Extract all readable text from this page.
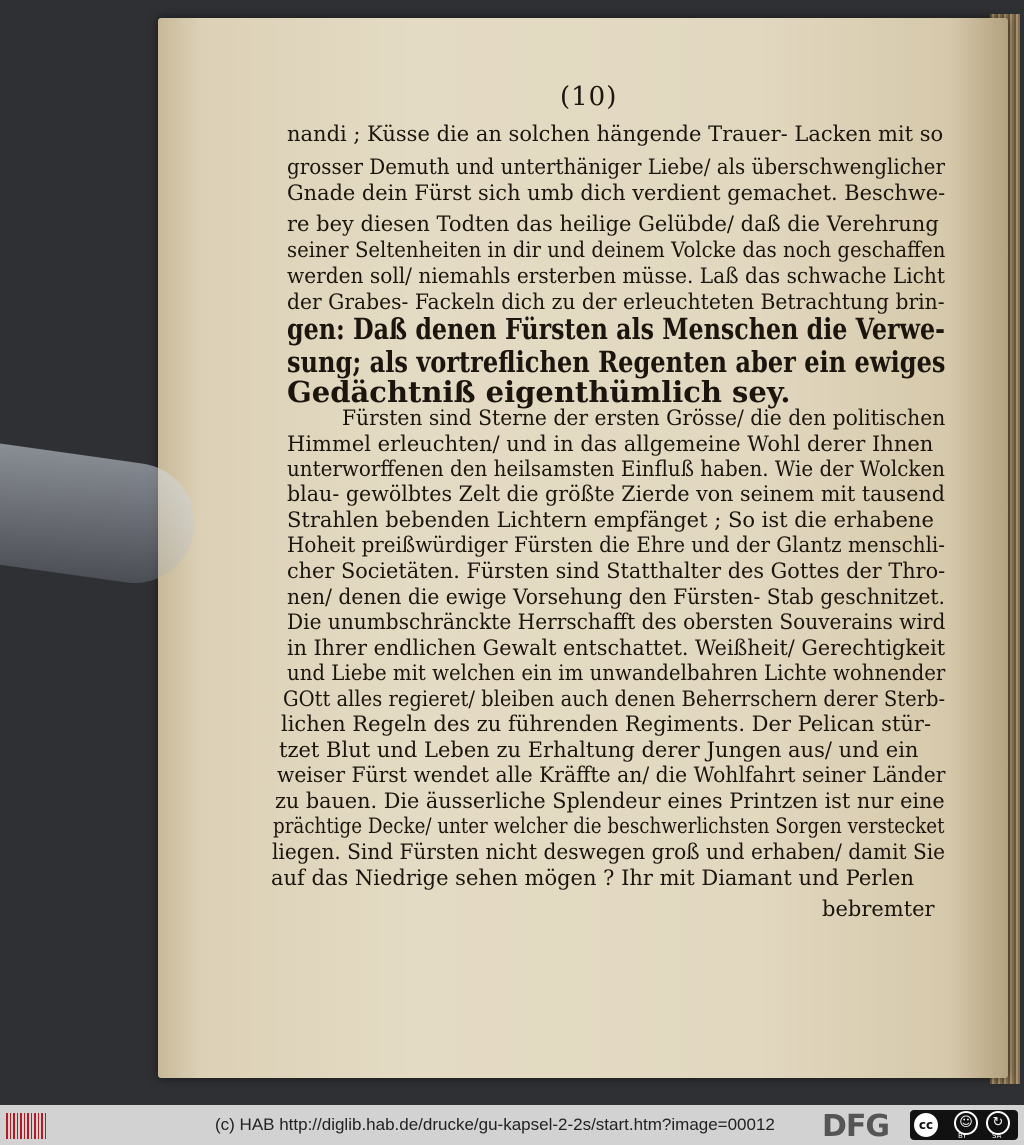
(10)
nandi ; Küsse die an solchen hängende Trauer- Lacken mit so
grosser Demuth und unterthäniger Liebe/ als überschwenglicher
Gnade dein Fürst sich umb dich verdient gemachet. Beschwe-
re bey diesen Todten das heilige Gelübde/ daß die Verehrung
seiner Seltenheiten in dir und deinem Volcke das noch geschaffen
werden soll/ niemahls ersterben müsse. Laß das schwache Licht
der Grabes- Fackeln dich zu der erleuchteten Betrachtung brin-
gen: Daß denen Fürsten als Menschen die Verwe-
sung; als vortreflichen Regenten aber ein ewiges
Gedächtniß eigenthümlich sey.
Fürsten sind Sterne der ersten Grösse/ die den politischen
Himmel erleuchten/ und in das allgemeine Wohl derer Ihnen
unterworffenen den heilsamsten Einfluß haben. Wie der Wolcken
blau- gewölbtes Zelt die größte Zierde von seinem mit tausend
Strahlen bebenden Lichtern empfänget ; So ist die erhabene
Hoheit preißwürdiger Fürsten die Ehre und der Glantz menschli-
cher Societäten. Fürsten sind Statthalter des Gottes der Thro-
nen/ denen die ewige Vorsehung den Fürsten- Stab geschnitzet.
Die unumbschränckte Herrschafft des obersten Souverains wird
in Ihrer endlichen Gewalt entschattet. Weißheit/ Gerechtigkeit
und Liebe mit welchen ein im unwandelbahren Lichte wohnender
GOtt alles regieret/ bleiben auch denen Beherrschern derer Sterb-
lichen Regeln des zu führenden Regiments. Der Pelican stür-
tzet Blut und Leben zu Erhaltung derer Jungen aus/ und ein
weiser Fürst wendet alle Kräffte an/ die Wohlfahrt seiner Länder
zu bauen. Die äusserliche Splendeur eines Printzen ist nur eine
prächtige Decke/ unter welcher die beschwerlichsten Sorgen verstecket
liegen. Sind Fürsten nicht deswegen groß und erhaben/ damit Sie
auf das Niedrige sehen mögen ? Ihr mit Diamant und Perlen
bebremter
(c) HAB http://diglib.hab.de/drucke/gu-kapsel-2-2s/start.htm?image=00012 DFG	cc	☺	↻
BY	SA
